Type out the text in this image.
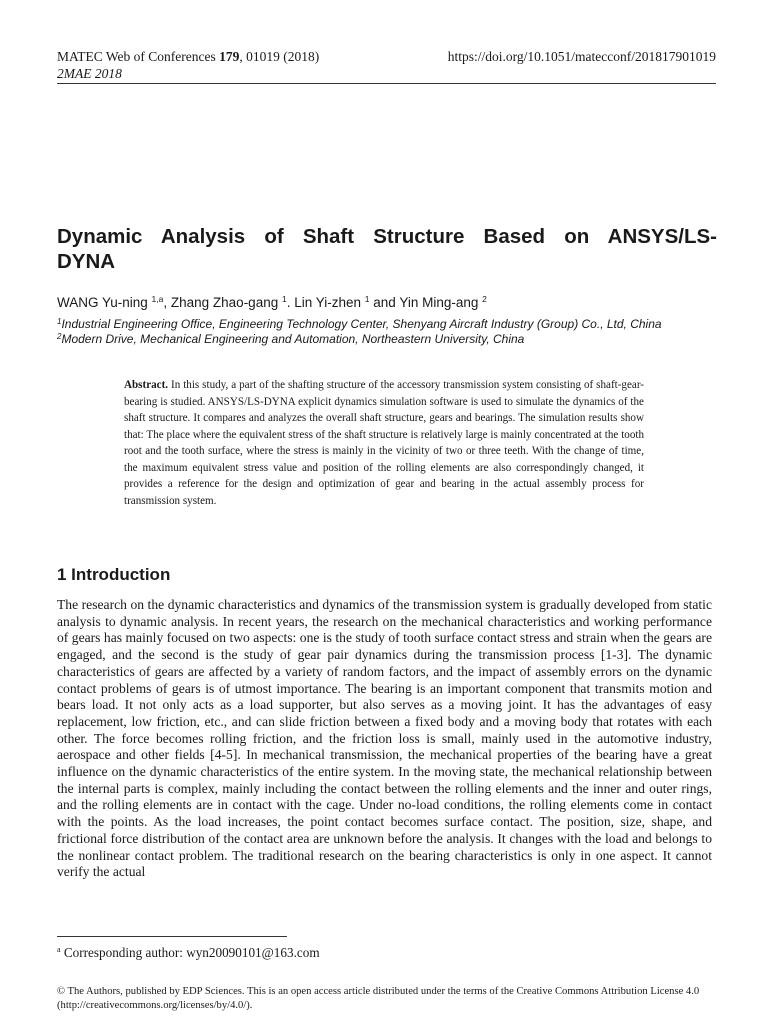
MATEC Web of Conferences 179, 01019 (2018)
2MAE 2018
https://doi.org/10.1051/matecconf/201817901019
Dynamic Analysis of Shaft Structure Based on ANSYS/LS-
DYNA
WANG Yu-ning $^{1,a}$, Zhang Zhao-gang $^1$. Lin Yi-zhen $^1$ and Yin Ming-ang $^2$
$^1$Industrial Engineering Office, Engineering Technology Center, Shenyang Aircraft Industry (Group) Co., Ltd, China
$^2$Modern Drive, Mechanical Engineering and Automation, Northeastern University, China
Abstract. In this study, a part of the shafting structure of the accessory transmission system consisting of shaft-gear-bearing is studied. ANSYS/LS-DYNA explicit dynamics simulation software is used to simulate the dynamics of the shaft structure. It compares and analyzes the overall shaft structure, gears and bearings. The simulation results show that: The place where the equivalent stress of the shaft structure is relatively large is mainly concentrated at the tooth root and the tooth surface, where the stress is mainly in the vicinity of two or three teeth. With the change of time, the maximum equivalent stress value and position of the rolling elements are also correspondingly changed, it provides a reference for the design and optimization of gear and bearing in the actual assembly process for transmission system.
1 Introduction
The research on the dynamic characteristics and dynamics of the transmission system is gradually developed from static analysis to dynamic analysis. In recent years, the research on the mechanical characteristics and working performance of gears has mainly focused on two aspects: one is the study of tooth surface contact stress and strain when the gears are engaged, and the second is the study of gear pair dynamics during the transmission process [1-3]. The dynamic characteristics of gears are affected by a variety of random factors, and the impact of assembly errors on the dynamic contact problems of gears is of utmost importance. The bearing is an important component that transmits motion and bears load. It not only acts as a load supporter, but also serves as a moving joint. It has the advantages of easy replacement, low friction, etc., and can slide friction between a fixed body and a moving body that rotates with each other. The force becomes rolling friction, and the friction loss is small, mainly used in the automotive industry, aerospace and other fields [4-5]. In mechanical transmission, the mechanical properties of the bearing have a great influence on the dynamic characteristics of the entire system. In the moving state, the mechanical relationship between the internal parts is complex, mainly including the contact between the rolling elements and the inner and outer rings, and the rolling elements are in contact with the cage. Under no-load conditions, the rolling elements come in contact with the points. As the load increases, the point contact becomes surface contact. The position, size, shape, and frictional force distribution of the contact area are unknown before the analysis. It changes with the load and belongs to the nonlinear contact problem. The traditional research on the bearing characteristics is only in one aspect. It cannot verify the actual
$^a$ Corresponding author: wyn20090101@163.com
© The Authors, published by EDP Sciences. This is an open access article distributed under the terms of the Creative Commons Attribution License 4.0 (http://creativecommons.org/licenses/by/4.0/).
